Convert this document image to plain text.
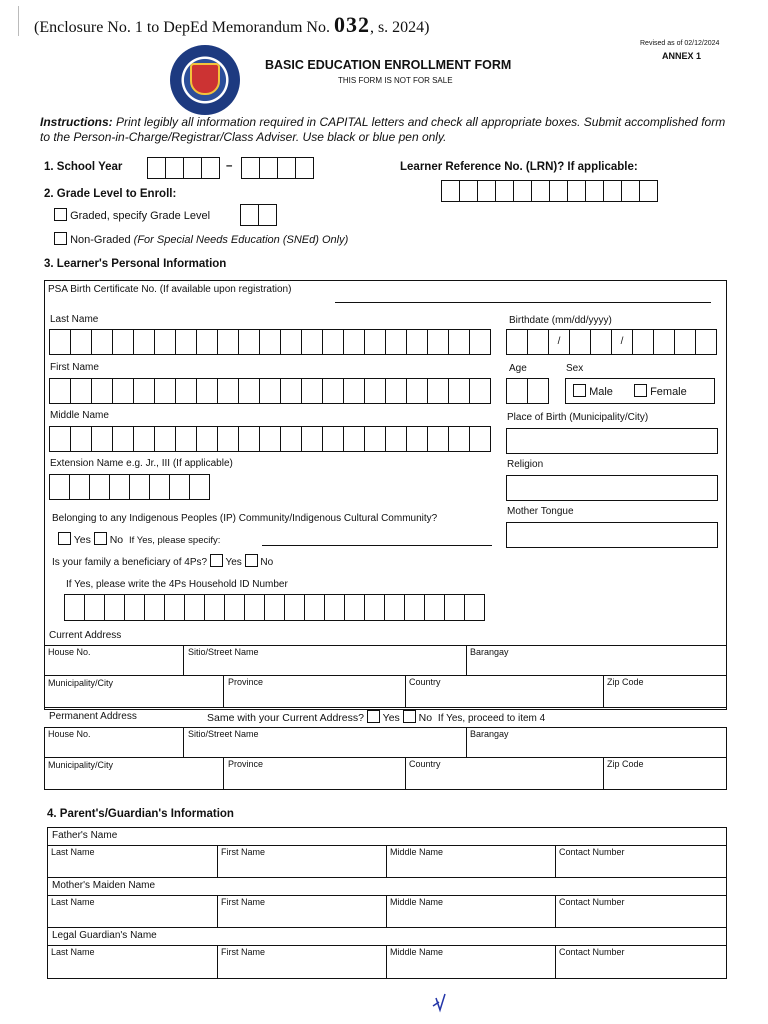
(Enclosure No. 1 to DepEd Memorandum No. 032, s. 2024)
BASIC EDUCATION ENROLLMENT FORM
THIS FORM IS NOT FOR SALE
Revised as of 02/12/2024
ANNEX 1
Instructions: Print legibly all information required in CAPITAL letters and check all appropriate boxes. Submit accomplished form to the Person-in-Charge/Registrar/Class Adviser. Use black or blue pen only.
1. School Year	–	Learner Reference No. (LRN)? If applicable:
2. Grade Level to Enroll:
Graded, specify Grade Level
Non-Graded (For Special Needs Education (SNEd) Only)
3. Learner's Personal Information
PSA Birth Certificate No. (If available upon registration)
Last Name
First Name
Middle Name
Extension Name e.g. Jr., III (If applicable)
Birthdate (mm/dd/yyyy)
/	/
Age	Sex
Male	Female
Place of Birth (Municipality/City)
Religion
Mother Tongue
Belonging to any Indigenous Peoples (IP) Community/Indigenous Cultural Community?
Yes No If Yes, please specify:
Is your family a beneficiary of 4Ps? Yes No
If Yes, please write the 4Ps Household ID Number
Current Address
House No.	Sitio/Street Name	Barangay
Municipality/City	Province	Country	Zip Code
Permanent Address	Same with your Current Address? Yes No If Yes, proceed to item 4
House No.	Sitio/Street Name	Barangay
Municipality/City	Province	Country	Zip Code
4. Parent's/Guardian's Information
Father's Name
Last Name	First Name	Middle Name	Contact Number
Mother's Maiden Name
Last Name	First Name	Middle Name	Contact Number
Legal Guardian's Name
Last Name	First Name	Middle Name	Contact Number
